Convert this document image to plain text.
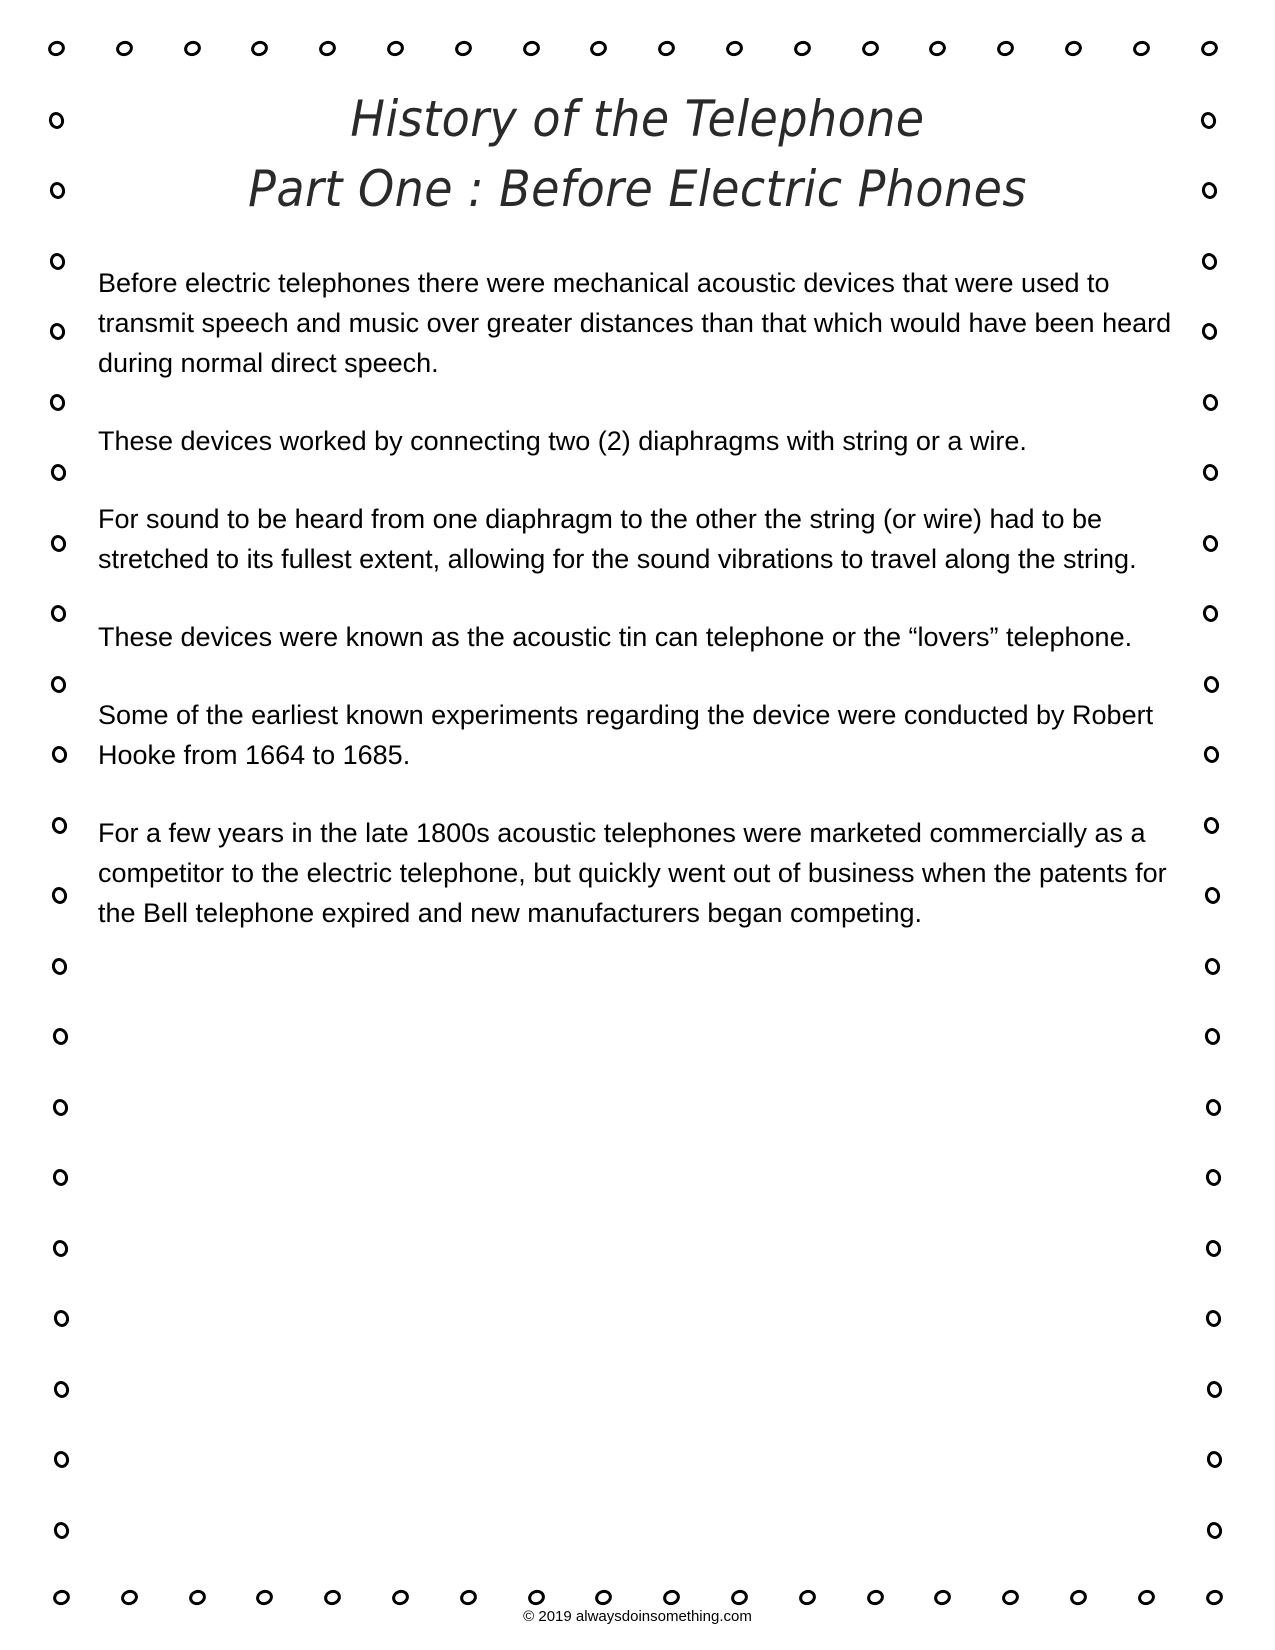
History of the Telephone
Part One : Before Electric Phones

Before electric telephones there were mechanical acoustic devices that were used to transmit speech and music over greater distances than that which would have been heard during normal direct speech.

These devices worked by connecting two (2) diaphragms with string or a wire.

For sound to be heard from one diaphragm to the other the string (or wire) had to be stretched to its fullest extent, allowing for the sound vibrations to travel along the string.

These devices were known as the acoustic tin can telephone or the “lovers” telephone.

Some of the earliest known experiments regarding the device were conducted by Robert Hooke from 1664 to 1685.

For a few years in the late 1800s acoustic telephones were marketed commercially as a competitor to the electric telephone, but quickly went out of business when the patents for the Bell telephone expired and new manufacturers began competing.

© 2019 alwaysdoinsomething.com
